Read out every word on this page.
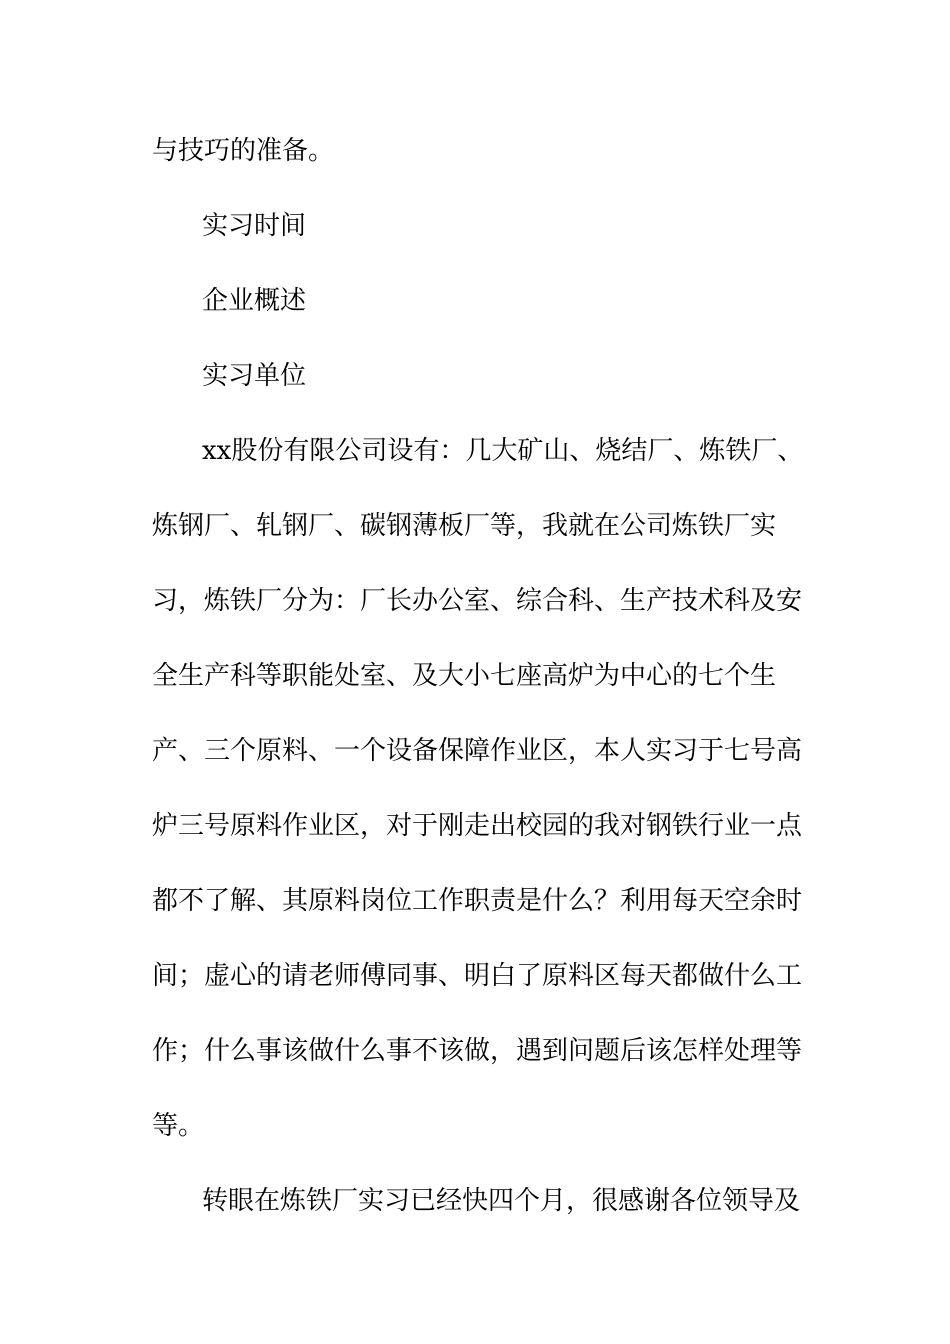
与技巧的准备。

实习时间

企业概述

实习单位

xx股份有限公司设有：几大矿山、烧结厂、炼铁厂、

炼钢厂、轧钢厂、碳钢薄板厂等，我就在公司炼铁厂实

习，炼铁厂分为：厂长办公室、综合科、生产技术科及安

全生产科等职能处室、及大小七座高炉为中心的七个生

产、三个原料、一个设备保障作业区，本人实习于七号高

炉三号原料作业区，对于刚走出校园的我对钢铁行业一点

都不了解、其原料岗位工作职责是什么？利用每天空余时

间；虚心的请老师傅同事、明白了原料区每天都做什么工

作；什么事该做什么事不该做，遇到问题后该怎样处理等

等。

转眼在炼铁厂实习已经快四个月，很感谢各位领导及
